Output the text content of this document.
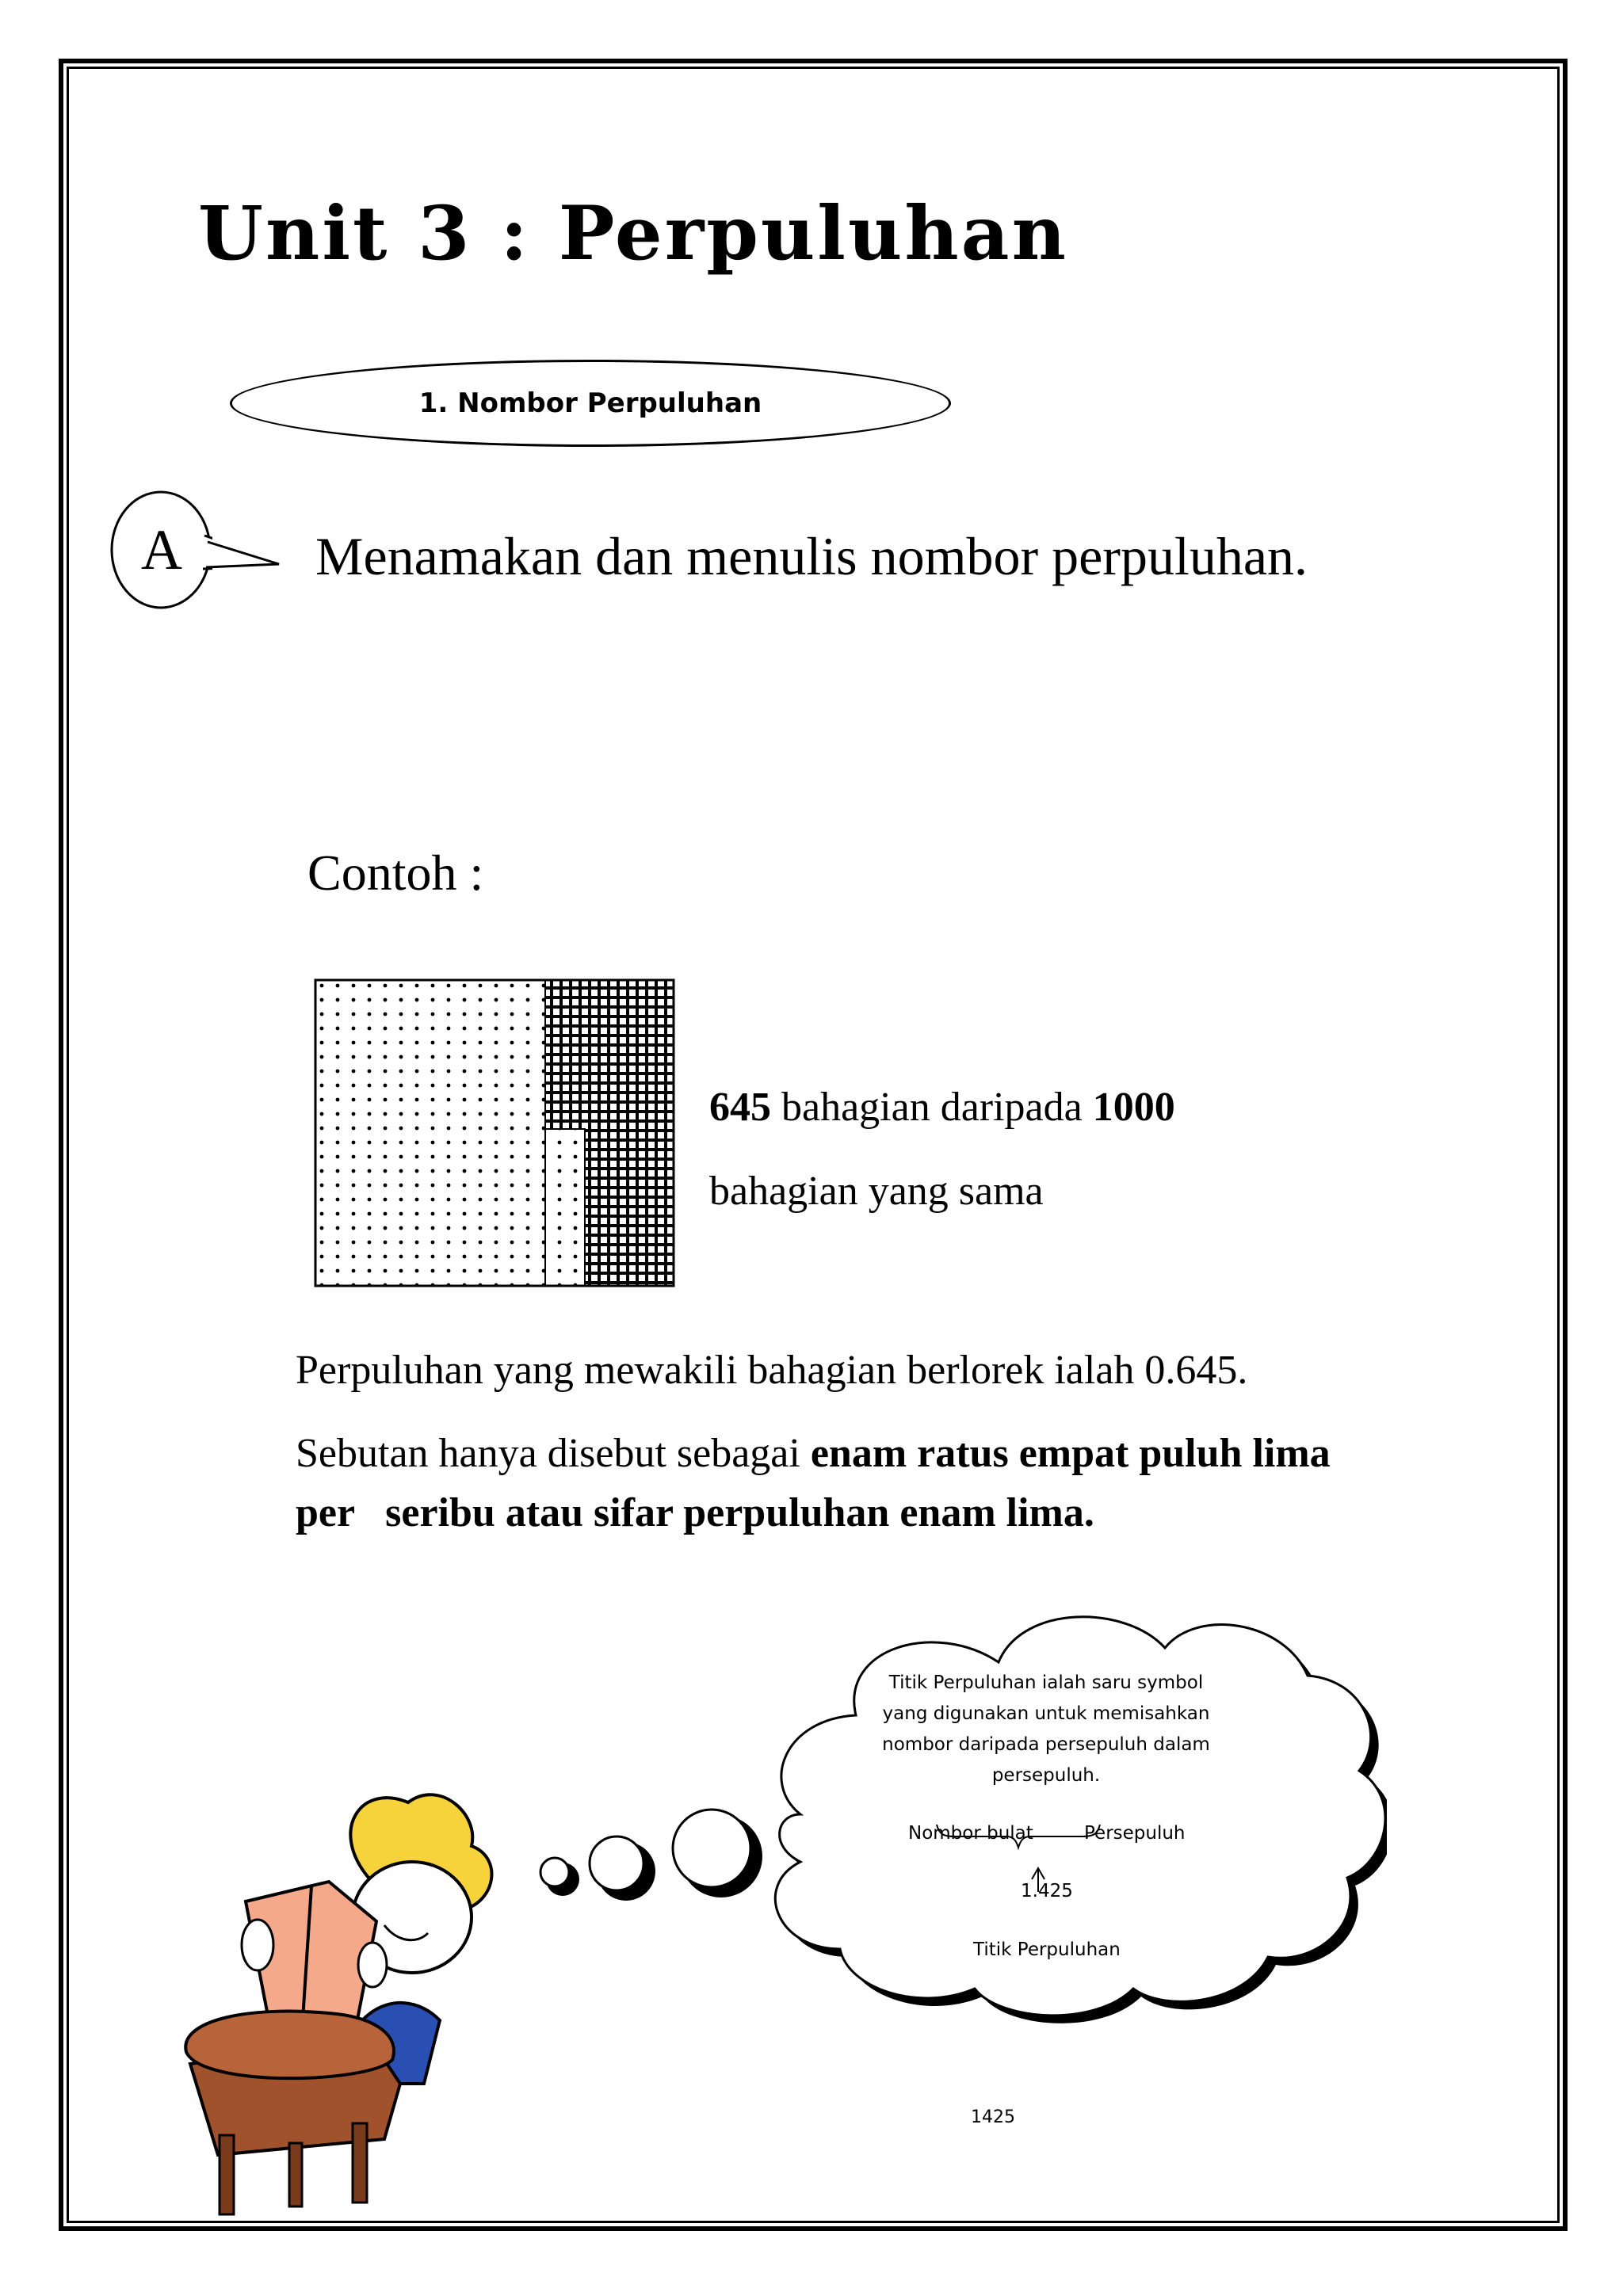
Unit 3 : Perpuluhan
1. Nombor Perpuluhan
A	Menamakan dan menulis nombor perpuluhan.
Contoh :
645 bahagian daripada 1000
bahagian yang sama
Perpuluhan yang mewakili bahagian berlorek ialah 0.645.
Sebutan hanya disebut sebagai enam ratus empat puluh lima
per   seribu atau sifar perpuluhan enam lima.
Titik Perpuluhan ialah saru symbol yang digunakan untuk memisahkan nombor daripada persepuluh dalam persepuluh.
Nombor bulat	Persepuluh
1.425
Titik Perpuluhan
1425
